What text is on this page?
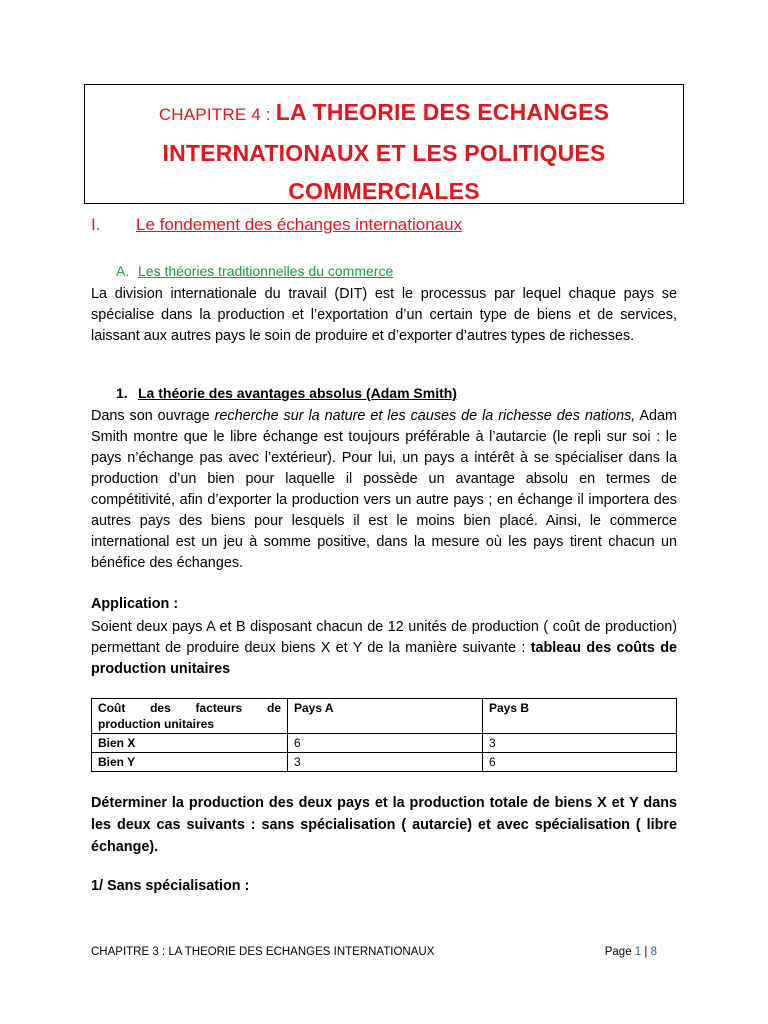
CHAPITRE 4 : LA THEORIE DES ECHANGES
INTERNATIONAUX ET LES POLITIQUES
COMMERCIALES
I. Le fondement des échanges internationaux
A. Les théories traditionnelles du commerce

La division internationale du travail (DIT) est le processus par lequel chaque pays se spécialise dans la production et l’exportation d’un certain type de biens et de services, laissant aux autres pays le soin de produire et d’exporter d’autres types de richesses.

1. La théorie des avantages absolus (Adam Smith)

Dans son ouvrage recherche sur la nature et les causes de la richesse des nations, Adam Smith montre que le libre échange est toujours préférable à l’autarcie (le repli sur soi : le pays n’échange pas avec l’extérieur). Pour lui, un pays a intérêt à se spécialiser dans la production d’un bien pour laquelle il possède un avantage absolu en termes de compétitivité, afin d’exporter la production vers un autre pays ; en échange il importera des autres pays des biens pour lesquels il est le moins bien placé. Ainsi, le commerce international est un jeu à somme positive, dans la mesure où les pays tirent chacun un bénéfice des échanges.

Application :

Soient deux pays A et B disposant chacun de 12 unités de production ( coût de production) permettant de produire deux biens X et Y de la manière suivante : tableau des coûts de production unitaires

Coût des facteurs de production unitaires	Pays A	Pays B
Bien X	6	3
Bien Y	3	6
Déterminer la production des deux pays et la production totale de biens X et Y dans les deux cas suivants : sans spécialisation ( autarcie) et avec spécialisation ( libre échange).
1/ Sans spécialisation :
CHAPITRE 3 : LA THEORIE DES ECHANGES INTERNATIONAUX	Page 1 | 8
